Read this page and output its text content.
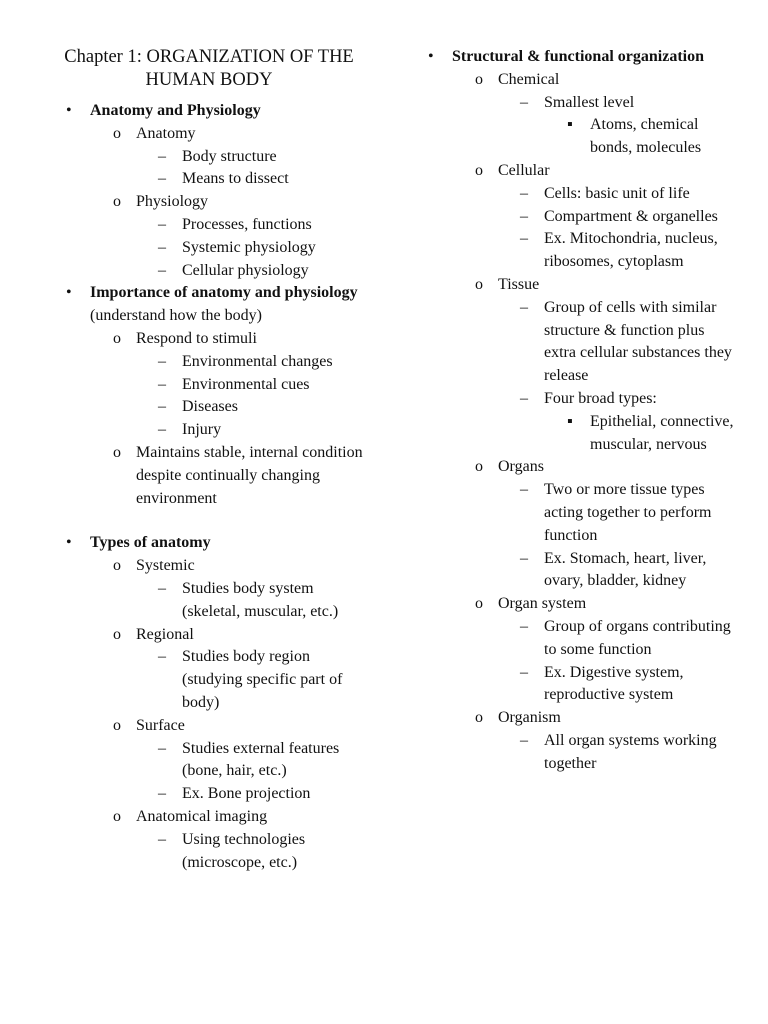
Chapter 1: ORGANIZATION OF THE
HUMAN BODY
• Anatomy and Physiology
o Anatomy
– Body structure
– Means to dissect
o Physiology
– Processes, functions
– Systemic physiology
– Cellular physiology
• Importance of anatomy and physiology (understand how the body)
o Respond to stimuli
– Environmental changes
– Environmental cues
– Diseases
– Injury
o Maintains stable, internal condition despite continually changing environment
• Types of anatomy
o Systemic
– Studies body system (skeletal, muscular, etc.)
o Regional
– Studies body region (studying specific part of body)
o Surface
– Studies external features (bone, hair, etc.)
– Ex. Bone projection
o Anatomical imaging
– Using technologies (microscope, etc.)
• Structural & functional organization
o Chemical
– Smallest level
▪ Atoms, chemical bonds, molecules
o Cellular
– Cells: basic unit of life
– Compartment & organelles
– Ex. Mitochondria, nucleus, ribosomes, cytoplasm
o Tissue
– Group of cells with similar structure & function plus extra cellular substances they release
– Four broad types:
▪ Epithelial, connective, muscular, nervous
o Organs
– Two or more tissue types acting together to perform function
– Ex. Stomach, heart, liver, ovary, bladder, kidney
o Organ system
– Group of organs contributing to some function
– Ex. Digestive system, reproductive system
o Organism
– All organ systems working together
